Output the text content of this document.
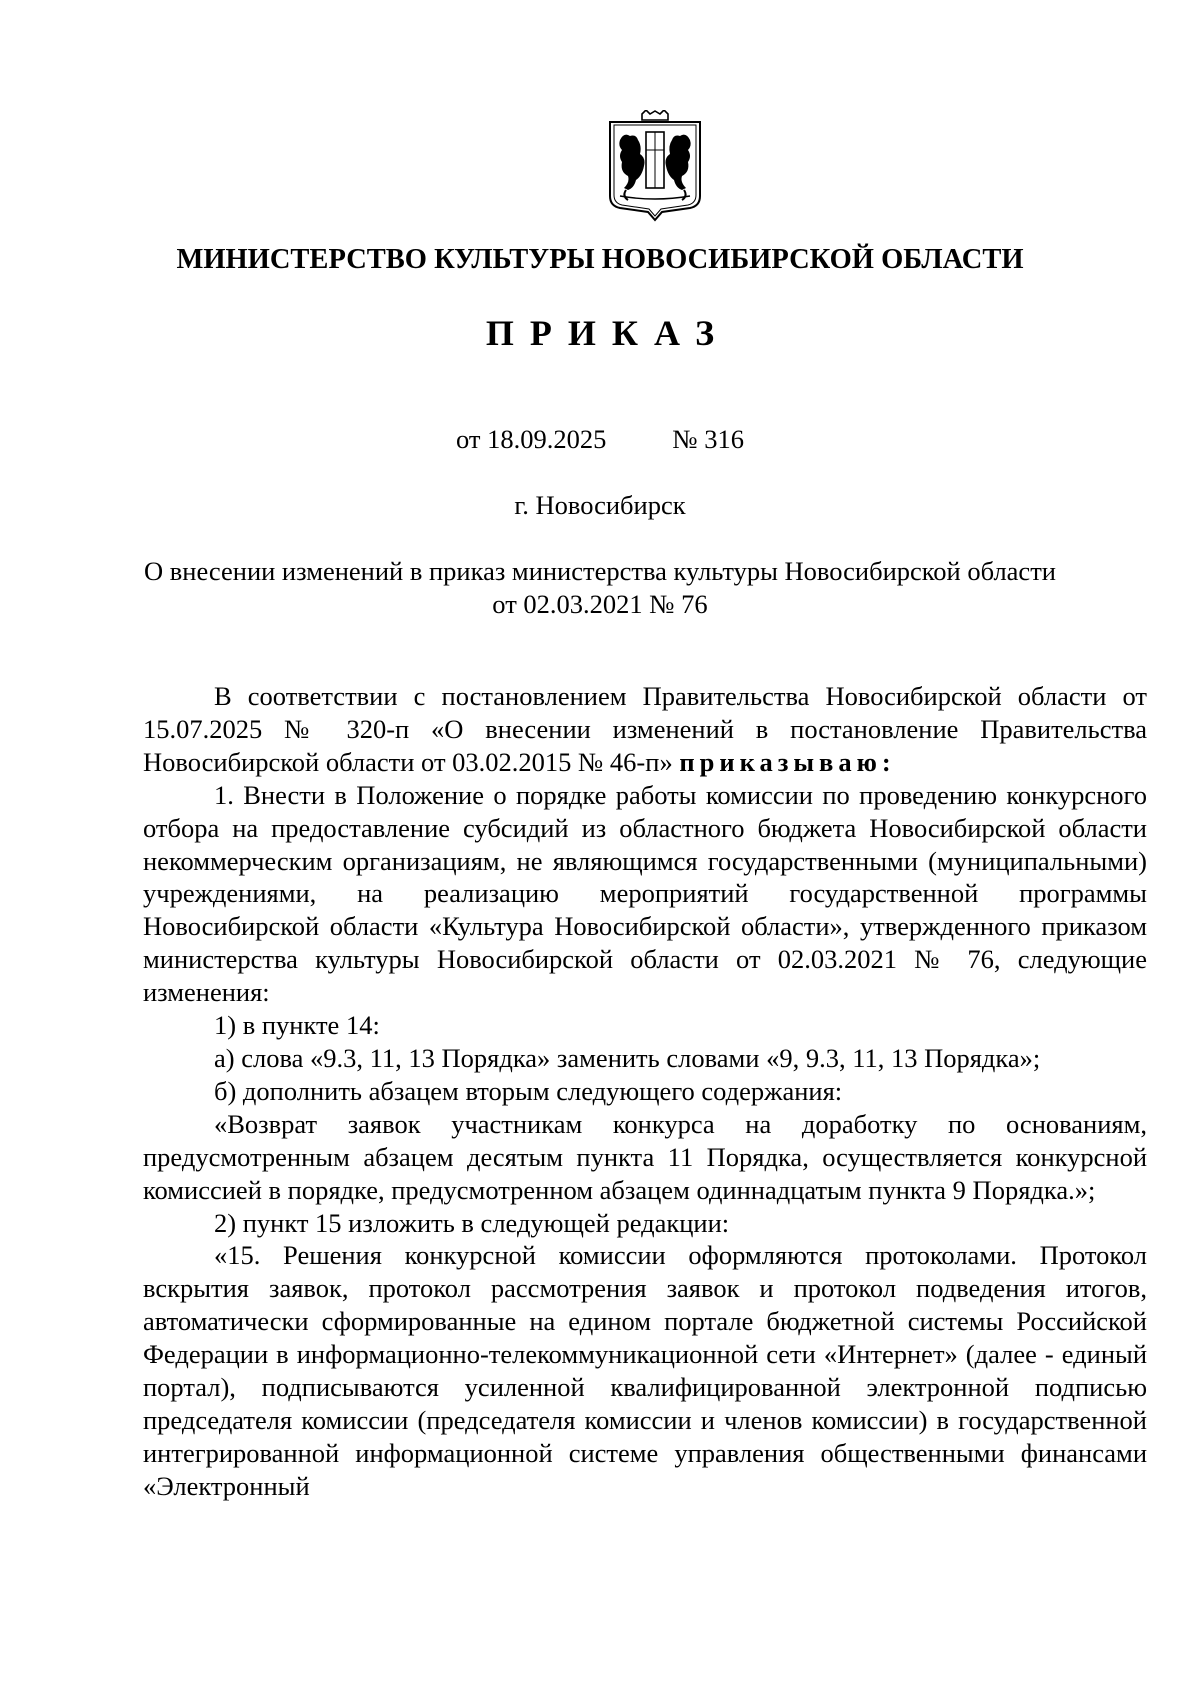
МИНИСТЕРСТВО КУЛЬТУРЫ НОВОСИБИРСКОЙ ОБЛАСТИ
ПРИКАЗ
от 18.09.2025 № 316
г. Новосибирск
О внесении изменений в приказ министерства культуры Новосибирской области
от 02.03.2021 № 76

В соответствии с постановлением Правительства Новосибирской области от 15.07.2025 № 320-п «О внесении изменений в постановление Правительства Новосибирской области от 03.02.2015 № 46-п» приказываю:

1. Внести в Положение о порядке работы комиссии по проведению конкурсного отбора на предоставление субсидий из областного бюджета Новосибирской области некоммерческим организациям, не являющимся государственными (муниципальными) учреждениями, на реализацию мероприятий государственной программы Новосибирской области «Культура Новосибирской области», утвержденного приказом министерства культуры Новосибирской области от 02.03.2021 № 76, следующие изменения:

1) в пункте 14:

а) слова «9.3, 11, 13 Порядка» заменить словами «9, 9.3, 11, 13 Порядка»;

б) дополнить абзацем вторым следующего содержания:

«Возврат заявок участникам конкурса на доработку по основаниям, предусмотренным абзацем десятым пункта 11 Порядка, осуществляется конкурсной комиссией в порядке, предусмотренном абзацем одиннадцатым пункта 9 Порядка.»;

2) пункт 15 изложить в следующей редакции:

«15. Решения конкурсной комиссии оформляются протоколами. Протокол вскрытия заявок, протокол рассмотрения заявок и протокол подведения итогов, автоматически сформированные на едином портале бюджетной системы Российской Федерации в информационно-телекоммуникационной сети «Интернет» (далее - единый портал), подписываются усиленной квалифицированной электронной подписью председателя комиссии (председателя комиссии и членов комиссии) в государственной интегрированной информационной системе управления общественными финансами «Электронный
